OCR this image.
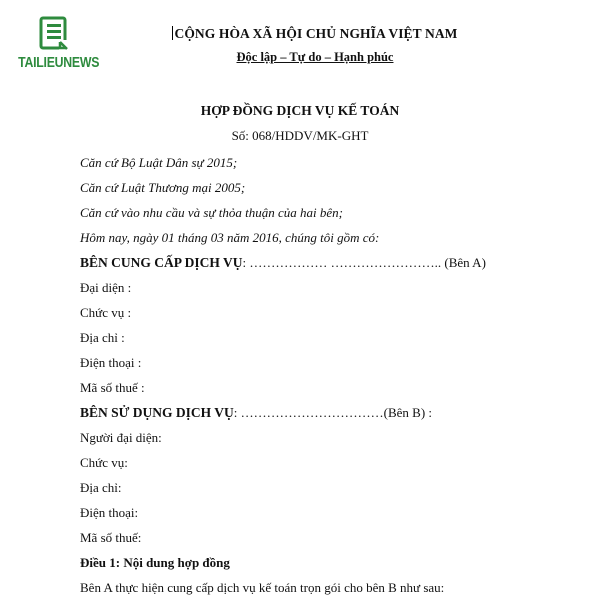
TAILIEUNEWS
CỘNG HÒA XÃ HỘI CHỦ NGHĨA VIỆT NAM
Độc lập – Tự do – Hạnh phúc
HỢP ĐỒNG DỊCH VỤ KẾ TOÁN
Số: 068/HDDV/MK-GHT
Căn cứ Bộ Luật Dân sự 2015;
Căn cứ Luật Thương mại 2005;
Căn cứ vào nhu cầu và sự thỏa thuận của hai bên;
Hôm nay, ngày 01 tháng 03 năm 2016, chúng tôi gồm có:
BÊN CUNG CẤP DỊCH VỤ: ……………… …………………….. (Bên A)
Đại diện :
Chức vụ :
Địa chỉ :
Điện thoại :
Mã số thuế :
BÊN SỬ DỤNG DỊCH VỤ: ……………………………(Bên B) :
Người đại diện:
Chức vụ:
Địa chỉ:
Điện thoại:
Mã số thuế:
Điều 1: Nội dung hợp đồng
Bên A thực hiện cung cấp dịch vụ kế toán trọn gói cho bên B như sau:
